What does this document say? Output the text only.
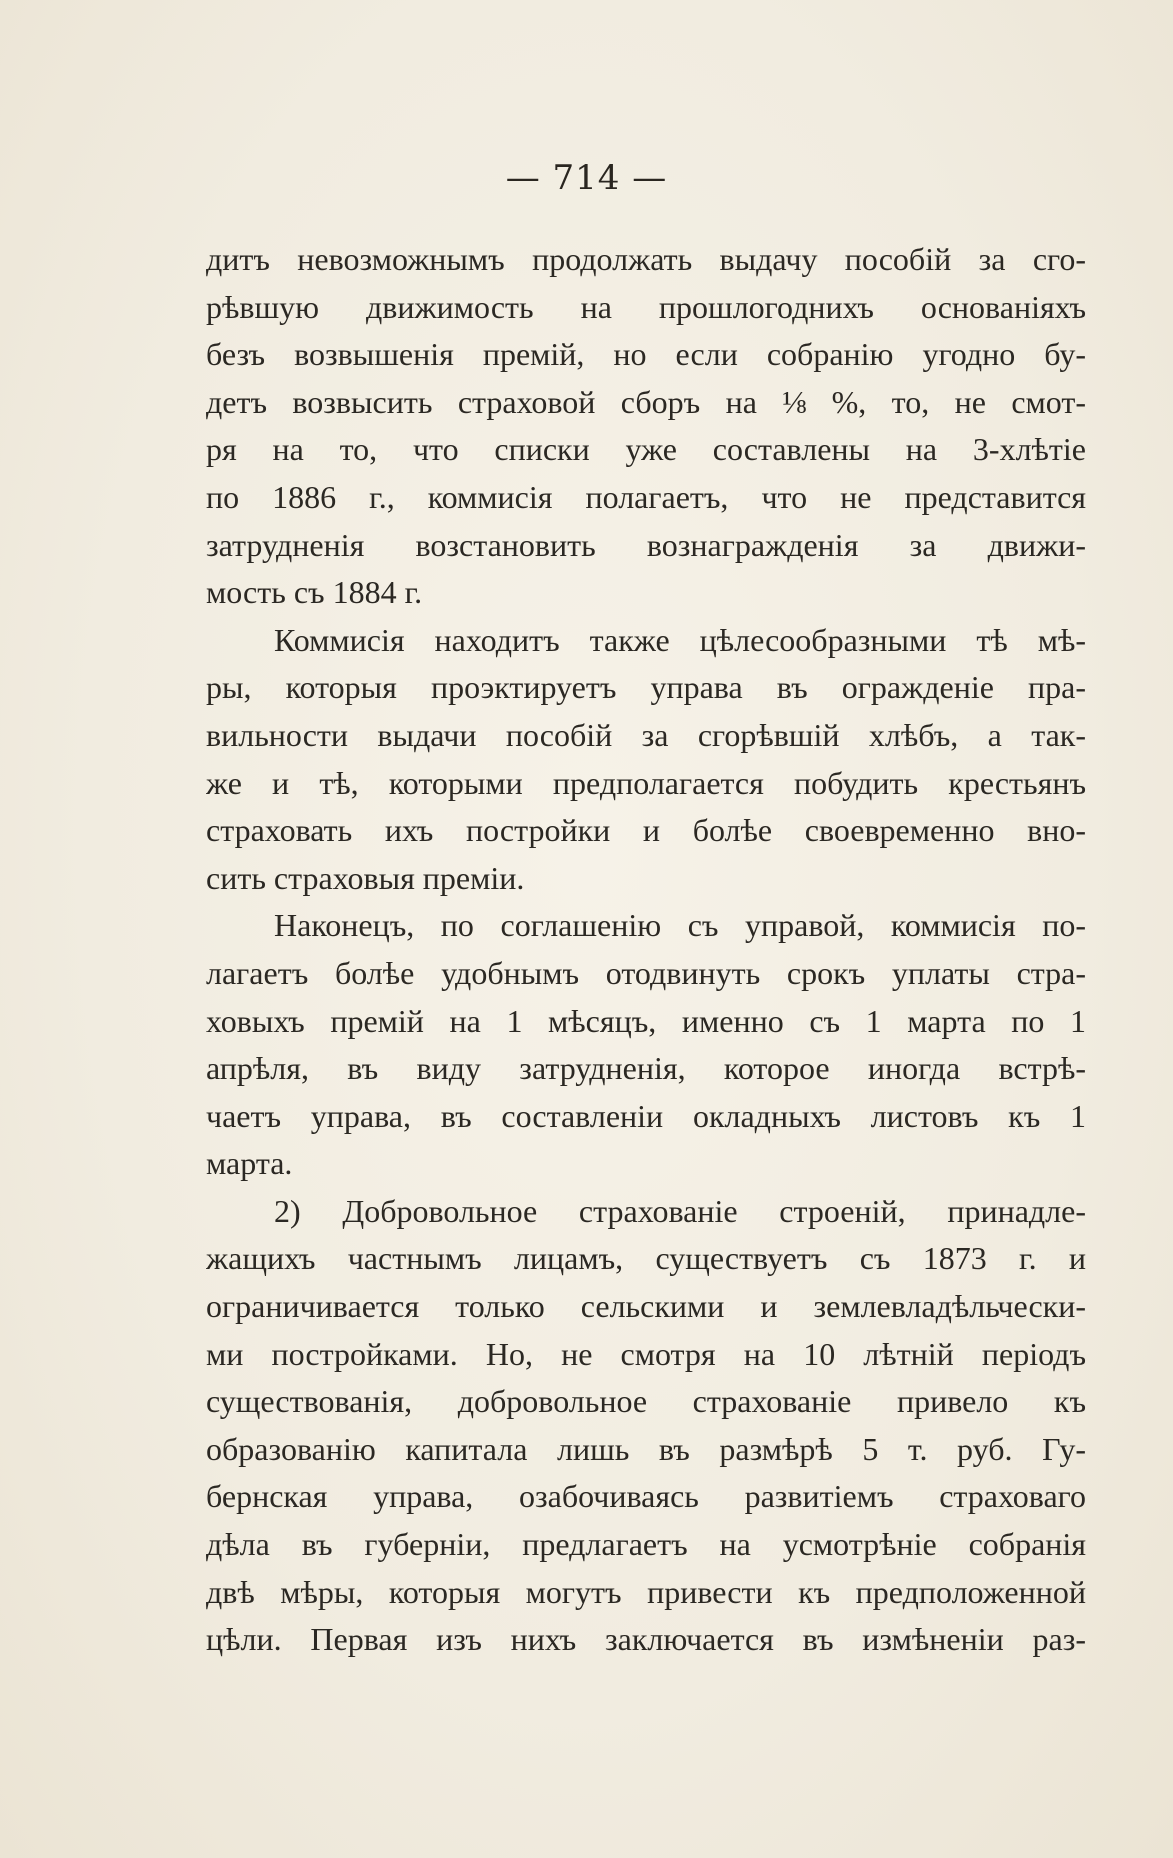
— 714 —
дитъ невозможнымъ продолжать выдачу пособій за сго-
рѣвшую движимость на прошлогоднихъ основаніяхъ
безъ возвышенія премій, но если собранію угодно бу-
детъ возвысить страховой сборъ на ⅛ %, то, не смот-
ря на то, что списки уже составлены на 3-хлѣтіе
по 1886 г., коммисія полагаетъ, что не представится
затрудненія возстановить вознагражденія за движи-
мость съ 1884 г.
Коммисія находитъ также цѣлесообразными тѣ мѣ-
ры, которыя проэктируетъ управа въ огражденіе пра-
вильности выдачи пособій за сгорѣвшій хлѣбъ, а так-
же и тѣ, которыми предполагается побудить крестьянъ
страховать ихъ постройки и болѣе своевременно вно-
сить страховыя преміи.
Наконецъ, по соглашенію съ управой, коммисія по-
лагаетъ болѣе удобнымъ отодвинуть срокъ уплаты стра-
ховыхъ премій на 1 мѣсяцъ, именно съ 1 марта по 1
апрѣля, въ виду затрудненія, которое иногда встрѣ-
чаетъ управа, въ составленіи окладныхъ листовъ къ 1
марта.
2) Добровольное страхованіе строеній, принадле-
жащихъ частнымъ лицамъ, существуетъ съ 1873 г. и
ограничивается только сельскими и землевладѣльчески-
ми постройками. Но, не смотря на 10 лѣтній періодъ
существованія, добровольное страхованіе привело къ
образованію капитала лишь въ размѣрѣ 5 т. руб. Гу-
бернская управа, озабочиваясь развитіемъ страховаго
дѣла въ губерніи, предлагаетъ на усмотрѣніе собранія
двѣ мѣры, которыя могутъ привести къ предположенной
цѣли. Первая изъ нихъ заключается въ измѣненіи раз-
